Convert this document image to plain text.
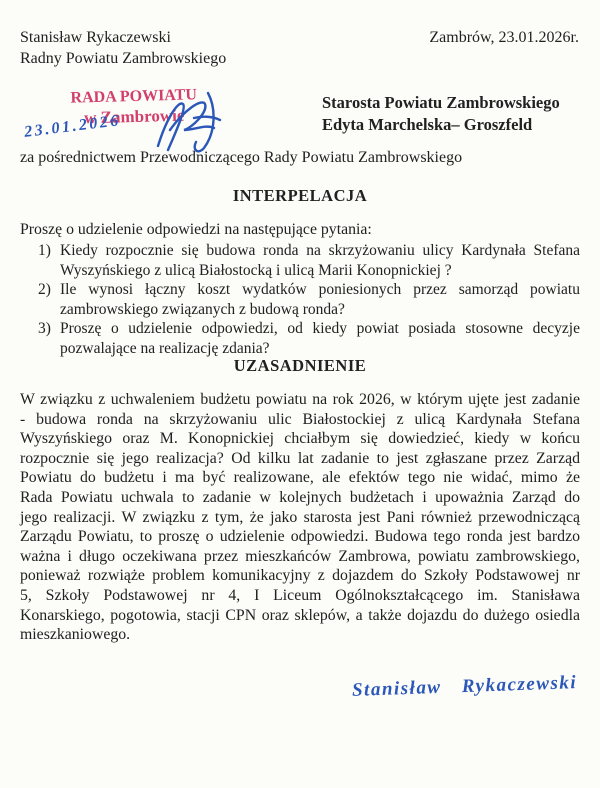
Stanisław Rykaczewski
Radny Powiatu Zambrowskiego
Zambrów, 23.01.2026r.
RADA POWIATU
w Zambrowie
23.01.2026
Starosta Powiatu Zambrowskiego
Edyta Marchelska– Groszfeld
za pośrednictwem Przewodniczącego Rady Powiatu Zambrowskiego
INTERPELACJA
Proszę o udzielenie odpowiedzi na następujące pytania:
Kiedy rozpocznie się budowa ronda na skrzyżowaniu ulicy Kardynała Stefana Wyszyńskiego z ulicą Białostocką i ulicą Marii Konopnickiej ?
Ile wynosi łączny koszt wydatków poniesionych przez samorząd powiatu zambrowskiego związanych z budową ronda?
Proszę o udzielenie odpowiedzi, od kiedy powiat posiada stosowne decyzje pozwalające na realizację zdania?
UZASADNIENIE
W związku z uchwaleniem budżetu powiatu na rok 2026, w którym ujęte jest zadanie - budowa ronda na skrzyżowaniu ulic Białostockiej z ulicą Kardynała Stefana Wyszyńskiego oraz M. Konopnickiej chciałbym się dowiedzieć, kiedy w końcu rozpocznie się jego realizacja? Od kilku lat zadanie to jest zgłaszane przez Zarząd Powiatu do budżetu i ma być realizowane, ale efektów tego nie widać, mimo że Rada Powiatu uchwala to zadanie w kolejnych budżetach i upoważnia Zarząd do jego realizacji. W związku z tym, że jako starosta jest Pani również przewodniczącą Zarządu Powiatu, to proszę o udzielenie odpowiedzi. Budowa tego ronda jest bardzo ważna i długo oczekiwana przez mieszkańców Zambrowa, powiatu zambrowskiego, ponieważ rozwiąże problem komunikacyjny z dojazdem do Szkoły Podstawowej nr 5, Szkoły Podstawowej nr 4, I Liceum Ogólnokształcącego im. Stanisława Konarskiego, pogotowia, stacji CPN oraz sklepów, a także dojazdu do dużego osiedla mieszkaniowego.
Stanisław Rykaczewski
